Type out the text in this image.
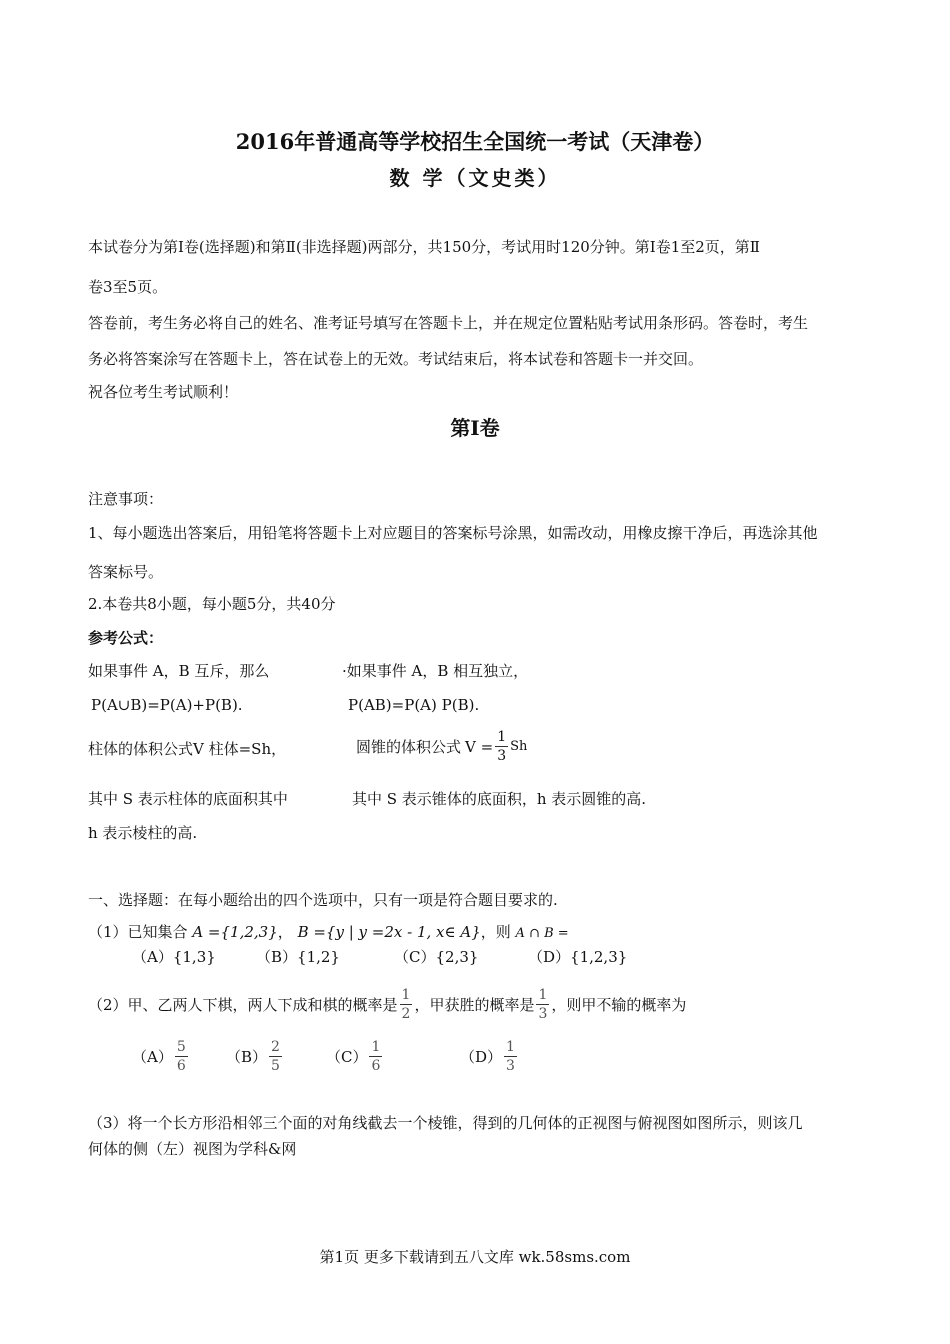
2016年普通高等学校招生全国统一考试（天津卷）
数 学（文史类）
本试卷分为第Ⅰ卷(选择题)和第Ⅱ(非选择题)两部分，共150分，考试用时120分钟。第Ⅰ卷1至2页，第Ⅱ
卷3至5页。
答卷前，考生务必将自己的姓名、准考证号填写在答题卡上，并在规定位置粘贴考试用条形码。答卷时，考生
务必将答案涂写在答题卡上，答在试卷上的无效。考试结束后，将本试卷和答题卡一并交回。
祝各位考生考试顺利！
第Ⅰ卷
注意事项：
1、每小题选出答案后，用铅笔将答题卡上对应题目的答案标号涂黑，如需改动，用橡皮擦干净后，再选涂其他
答案标号。
2.本卷共8小题，每小题5分，共40分
参考公式：
如果事件 A，B 互斥，那么	·如果事件 A，B 相互独立，
P(A∪B)=P(A)+P(B).	P(AB)=P(A) P(B).
柱体的体积公式V 柱体=Sh，	圆锥的体积公式 $V = \frac{1}{3}$ Sh
其中 S 表示柱体的底面积其中	其中 S 表示锥体的底面积，h 表示圆锥的高.
h 表示棱柱的高.
一、选择题：在每小题给出的四个选项中，只有一项是符合题目要求的.
（1）已知集合 A ={1,2,3}， B ={y | y =2x - 1, x∈ A}，则 A ∩ B =
（A）{1,3}	（B）{1,2}	（C）{2,3}	（D）{1,2,3}
（2）甲、乙两人下棋，两人下成和棋的概率是 $\frac{1}{2}$ ，甲获胜的概率是 $\frac{1}{3}$ ，则甲不输的概率为
$(A) \frac{5}{6}$	$(B) \frac{2}{5}$	$(C) \frac{1}{6}$	$(D) \frac{1}{3}$
（3）将一个长方形沿相邻三个面的对角线截去一个棱锥，得到的几何体的正视图与俯视图如图所示，则该几
何体的侧（左）视图为学科&网
第1页 更多下载请到五八文库 wk.58sms.com
